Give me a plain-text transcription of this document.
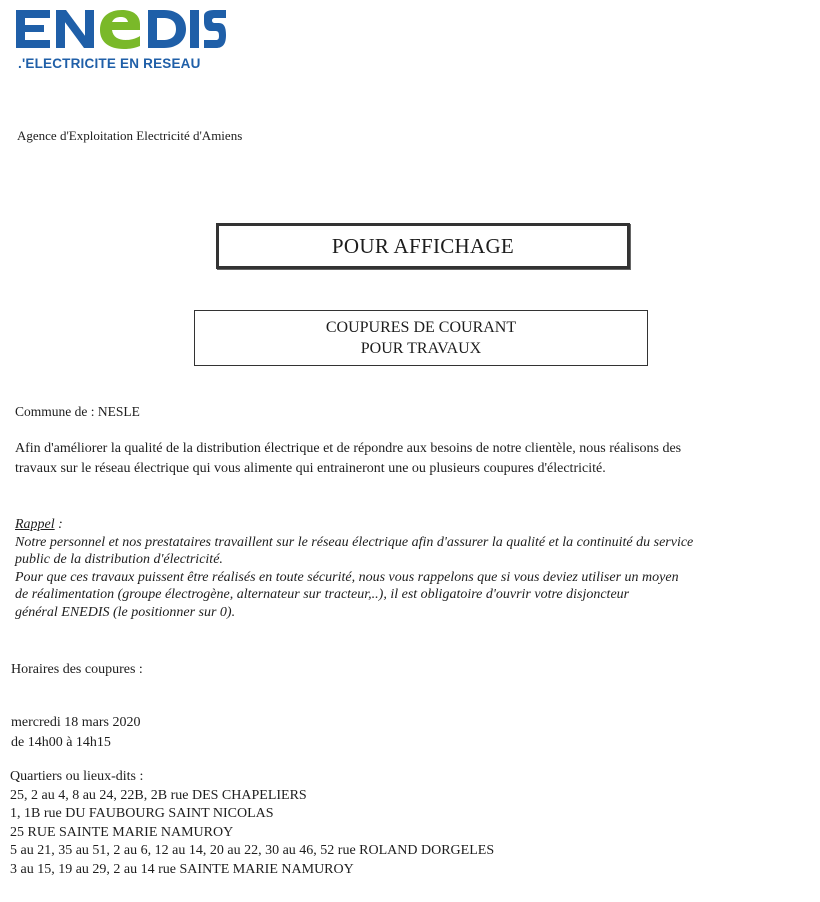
.'ELECTRICITE EN RESEAU
Agence d'Exploitation Electricité d'Amiens
POUR AFFICHAGE
COUPURES DE COURANT
POUR TRAVAUX
Commune de : NESLE
Afin d'améliorer la qualité de la distribution électrique et de répondre aux besoins de notre clientèle, nous réalisons des
travaux sur le réseau électrique qui vous alimente qui entraineront une ou plusieurs coupures d'électricité.
Rappel :
Notre personnel et nos prestataires travaillent sur le réseau électrique afin d'assurer la qualité et la continuité du service
public de la distribution d'électricité.
Pour que ces travaux puissent être réalisés en toute sécurité, nous vous rappelons que si vous deviez utiliser un moyen
de réalimentation (groupe électrogène, alternateur sur tracteur,..), il est obligatoire d'ouvrir votre disjoncteur
général ENEDIS (le positionner sur 0).
Horaires des coupures :
mercredi 18 mars 2020
de 14h00 à 14h15
Quartiers ou lieux-dits :
25, 2 au 4, 8 au 24, 22B, 2B rue DES CHAPELIERS
1, 1B rue DU FAUBOURG SAINT NICOLAS
25 RUE SAINTE MARIE NAMUROY
5 au 21, 35 au 51, 2 au 6, 12 au 14, 20 au 22, 30 au 46, 52 rue ROLAND DORGELES
3 au 15, 19 au 29, 2 au 14 rue SAINTE MARIE NAMUROY
